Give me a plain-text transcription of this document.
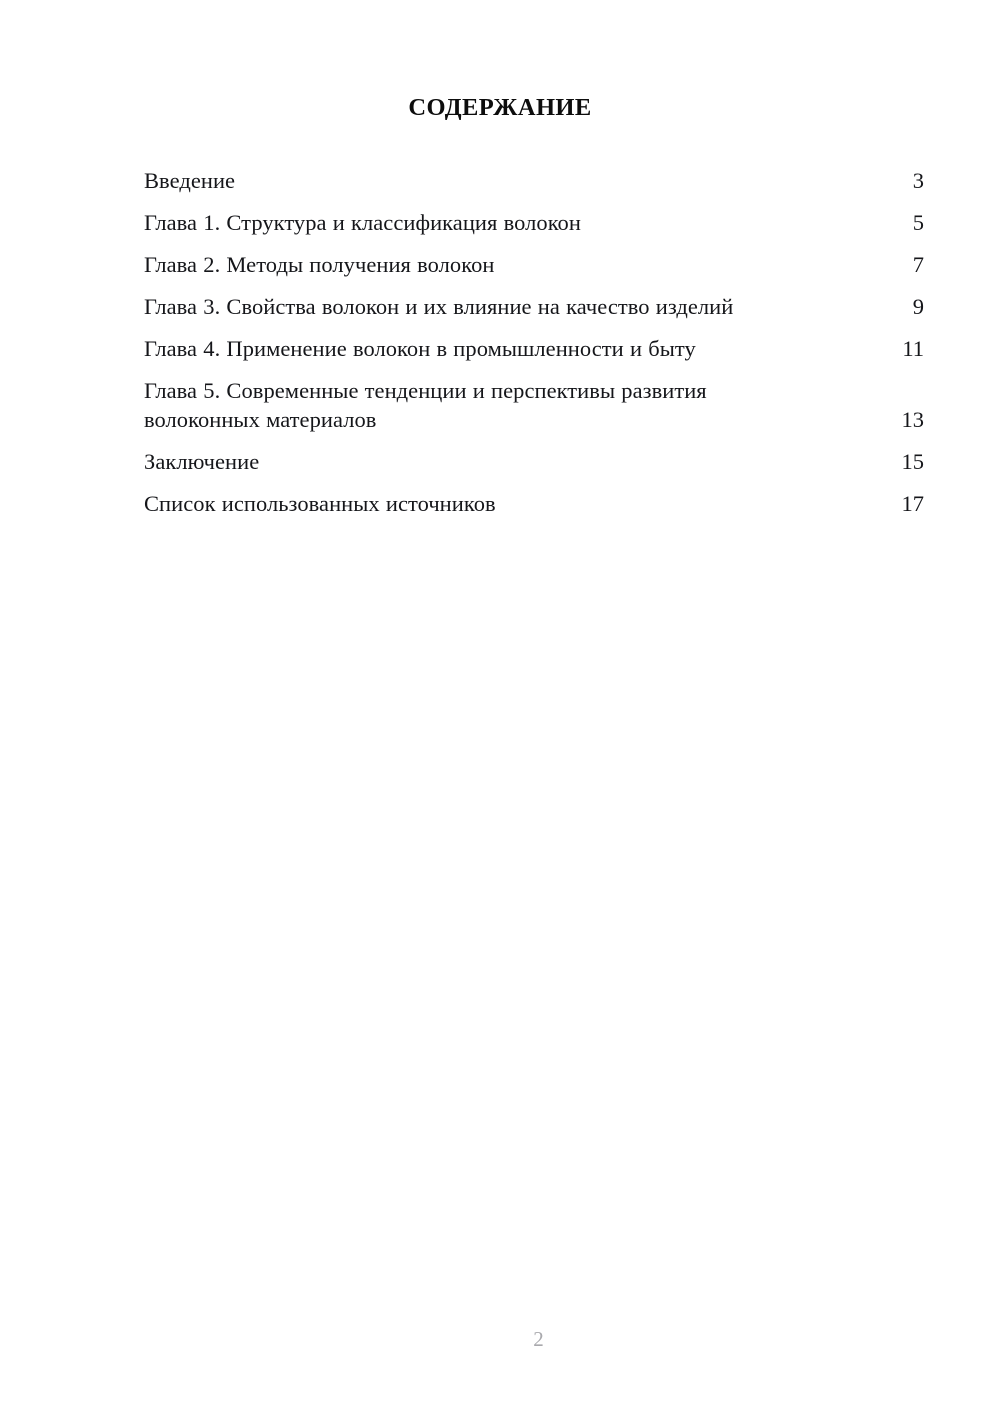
СОДЕРЖАНИЕ
Введение	3
Глава 1. Структура и классификация волокон	5
Глава 2. Методы получения волокон	7
Глава 3. Свойства волокон и их влияние на качество изделий	9
Глава 4. Применение волокон в промышленности и быту	11
Глава 5. Современные тенденции и перспективы развития волоконных материалов	13
Заключение	15
Список использованных источников	17
2
